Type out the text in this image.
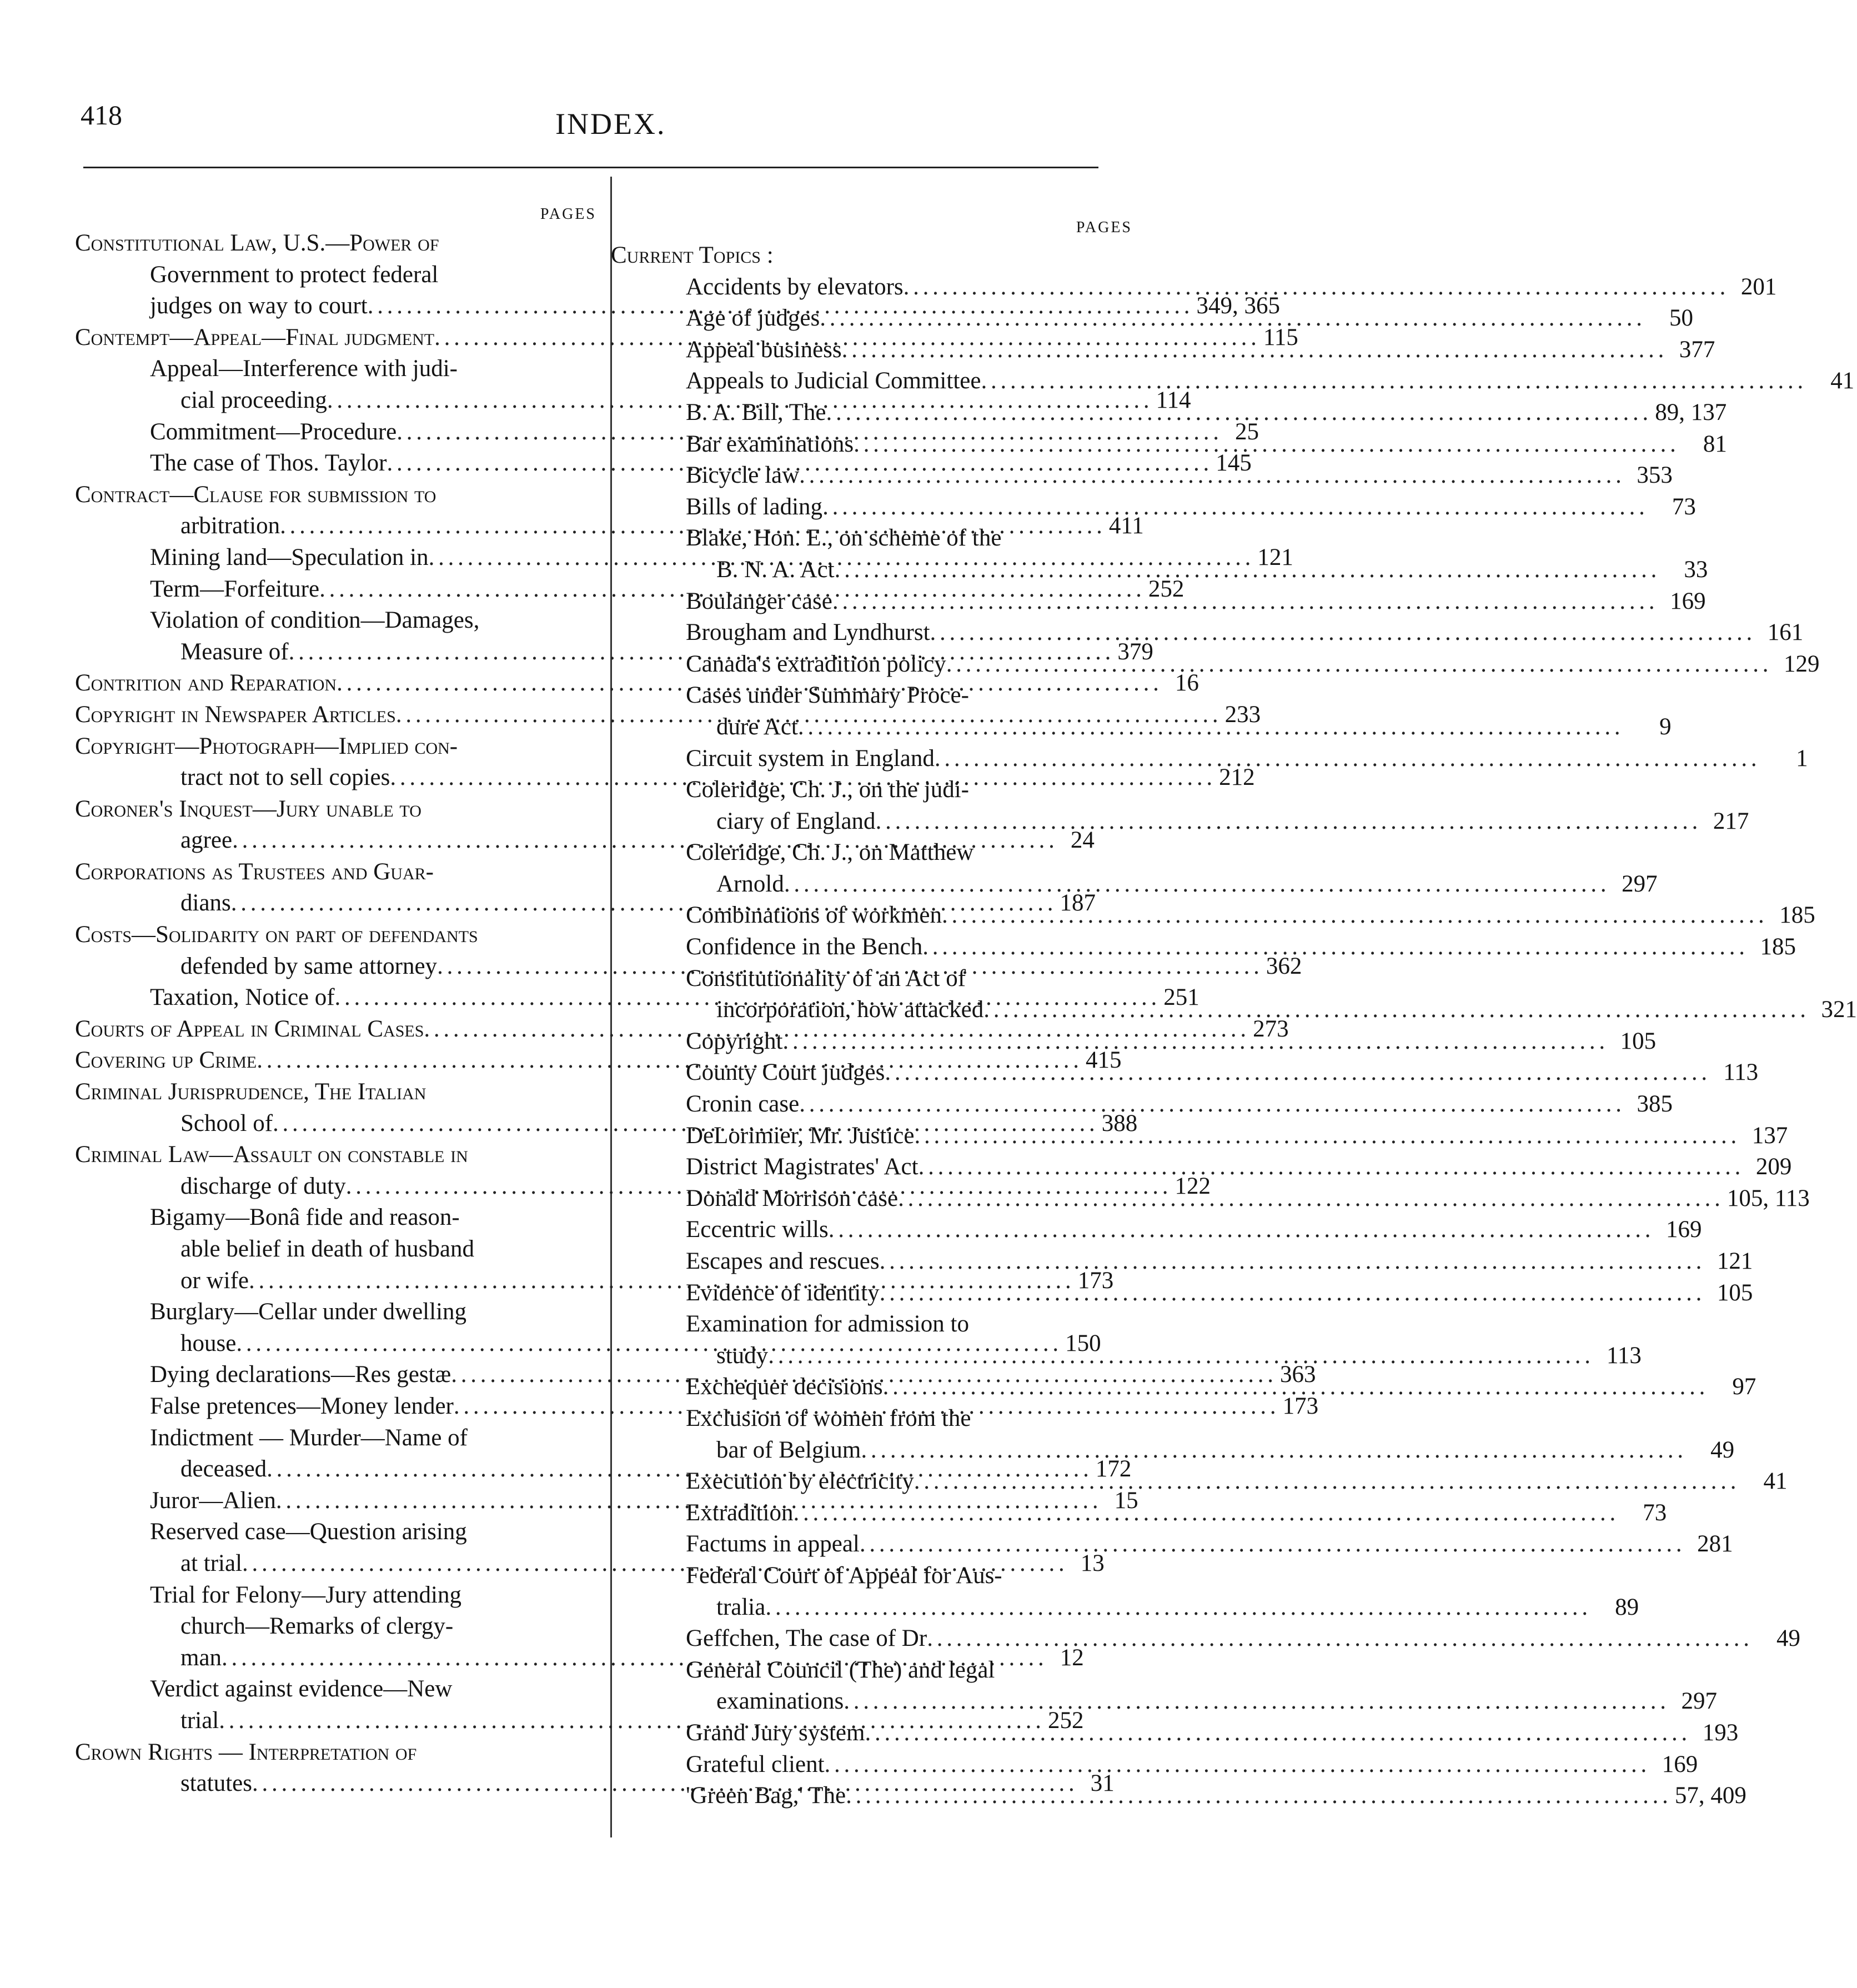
418	INDEX.
PAGES
Constitutional Law, U.S.—Power of
Government to protect federal
judges on way to court . . .	349, 365
Contempt—Appeal—Final judgment . . .	115
Appeal—Interference with judi-
cial proceeding . . .	114
Commitment—Procedure . . .	25
The case of Thos. Taylor . . .	145
Contract—Clause for submission to
arbitration . . .	411
Mining land—Speculation in . . .	121
Term—Forfeiture . . .	252
Violation of condition—Damages,
Measure of . . .	379
Contrition and Reparation . . .	16
Copyright in Newspaper Articles . . .	233
Copyright—Photograph—Implied con-
tract not to sell copies . . .	212
Coroner's Inquest—Jury unable to
agree . . .	24
Corporations as Trustees and Guar-
dians . . .	187
Costs—Solidarity on part of defendants
defended by same attorney . . .	362
Taxation, Notice of . . .	251
Courts of Appeal in Criminal Cases . . .	273
Covering up Crime . . .	415
Criminal Jurisprudence, The Italian
School of . . .	388
Criminal Law—Assault on constable in
discharge of duty . . .	122
Bigamy—Bonâ fide and reason-
able belief in death of husband
or wife . . .	173
Burglary—Cellar under dwelling
house . . .	150
Dying declarations—Res gestæ . . .	363
False pretences—Money lender . . .	173
Indictment — Murder—Name of
deceased . . .	172
Juror—Alien . . .	15
Reserved case—Question arising
at trial . . .	13
Trial for Felony—Jury attending
church—Remarks of clergy-
man . . .	12
Verdict against evidence—New
trial . . .	252
Crown Rights — Interpretation of
statutes . . .	31
PAGES
Current Topics :
Accidents by elevators . . .	201
Age of judges . . .	50
Appeal business . . .	377
Appeals to Judicial Committee . . .	41
B. A. Bill, The . . .	89, 137
Bar examinations . . .	81
Bicycle law . . .	353
Bills of lading . . .	73
Blake, Hon. E., on scheme of the
B. N. A. Act . . .	33
Boulanger case . . .	169
Brougham and Lyndhurst . . .	161
Canada's extradition policy . . .	129
Cases under Summary Proce-
dure Act . . .	9
Circuit system in England . . .	1
Coleridge, Ch. J., on the judi-
ciary of England . . .	217
Coleridge, Ch. J., on Matthew
Arnold . . .	297
Combinations of workmen . . .	185
Confidence in the Bench . . .	185
Constitutionality of an Act of
incorporation, how attacked . . .	321
Copyright . . .	105
County Court judges . . .	113
Cronin case . . .	385
DeLorimier, Mr. Justice . . .	137
District Magistrates' Act . . .	209
Donald Morrison case . . .	105, 113
Eccentric wills . . .	169
Escapes and rescues . . .	121
Evidence of identity . . .	105
Examination for admission to
study . . .	113
Exchequer decisions . . .	97
Exclusion of women from the
bar of Belgium . . .	49
Execution by electricity . . .	41
Extradition . . .	73
Factums in appeal . . .	281
Federal Court of Appeal for Aus-
tralia . . .	89
Geffchen, The case of Dr . . .	49
General Council (The) and legal
examinations . . .	297
Grand Jury system . . .	193
Grateful client . . .	169
'Green Bag,' The . . .	57, 409
